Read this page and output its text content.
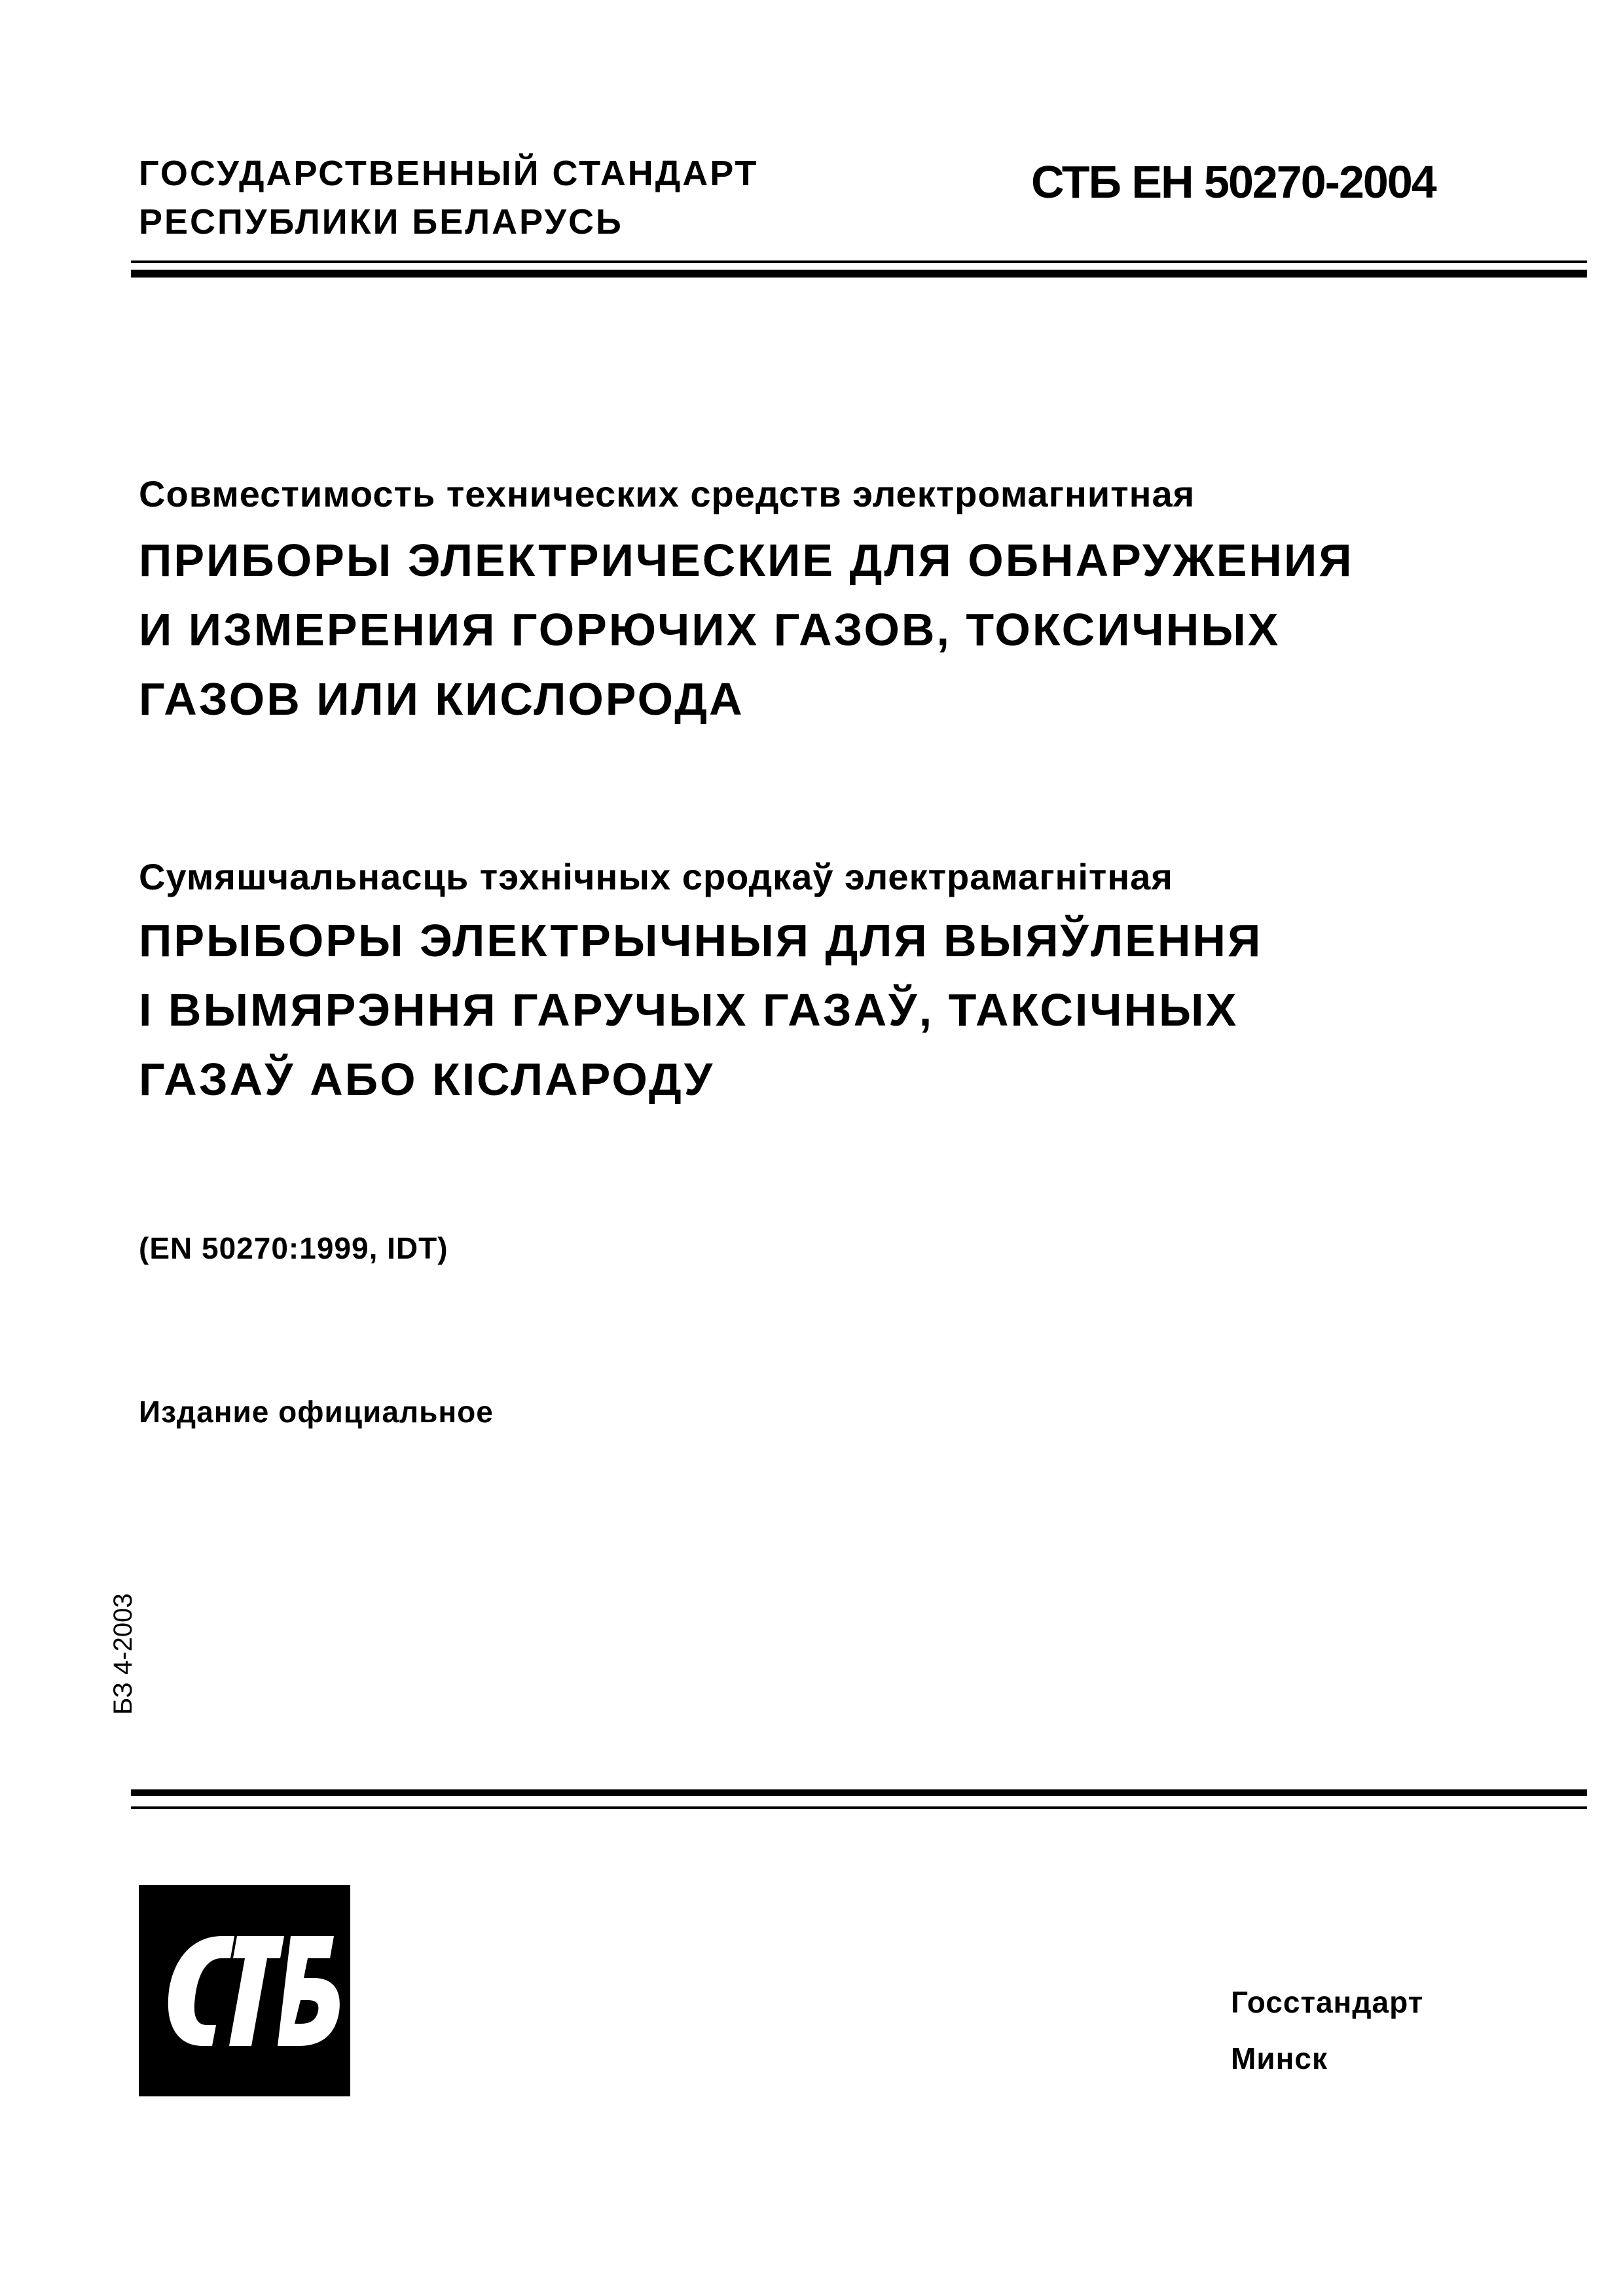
ГОСУДАРСТВЕННЫЙ СТАНДАРТ
РЕСПУБЛИКИ БЕЛАРУСЬ
СТБ ЕН 50270-2004
Совместимость технических средств электромагнитная
ПРИБОРЫ ЭЛЕКТРИЧЕСКИЕ ДЛЯ ОБНАРУЖЕНИЯ
И ИЗМЕРЕНИЯ ГОРЮЧИХ ГАЗОВ, ТОКСИЧНЫХ
ГАЗОВ ИЛИ КИСЛОРОДА
Сумяшчальнасць тэхнічных сродкаў электрамагнітная
ПРЫБОРЫ ЭЛЕКТРЫЧНЫЯ ДЛЯ ВЫЯЎЛЕННЯ
І ВЫМЯРЭННЯ ГАРУЧЫХ ГАЗАЎ, ТАКСІЧНЫХ
ГАЗАЎ АБО КІСЛАРОДУ
(EN 50270:1999, IDT)
Издание официальное
БЗ 4-2003
Госстандарт
Минск
